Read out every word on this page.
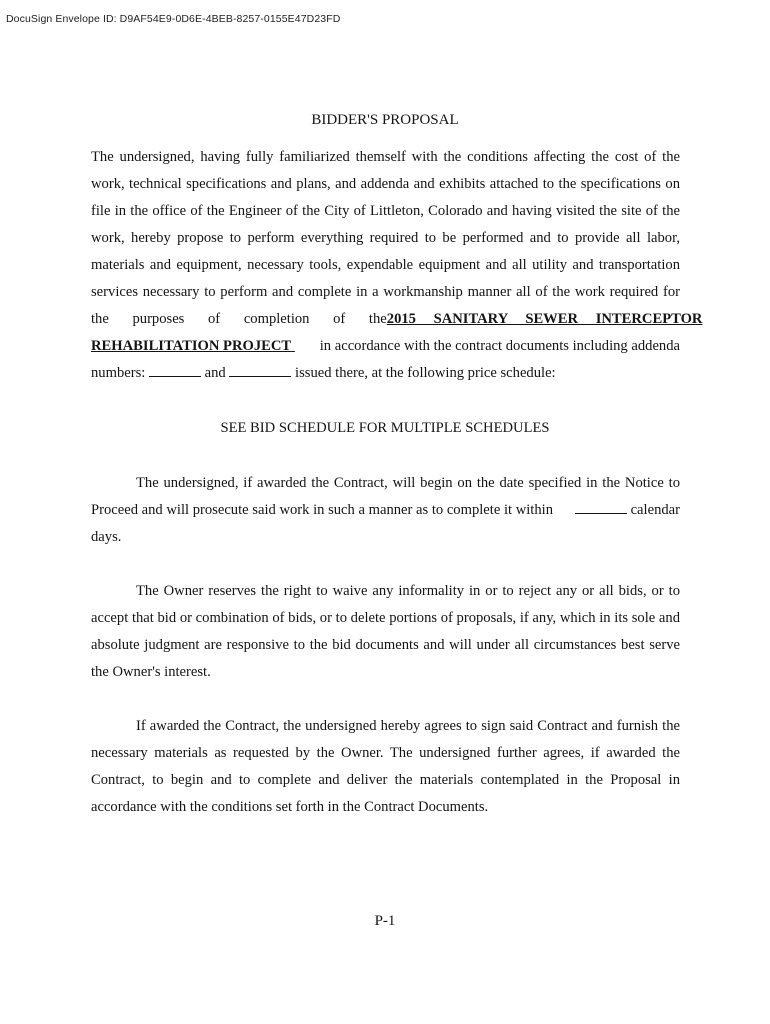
DocuSign Envelope ID: D9AF54E9-0D6E-4BEB-8257-0155E47D23FD
BIDDER'S PROPOSAL
The undersigned, having fully familiarized themself with the conditions affecting the cost of the
work, technical specifications and plans, and addenda and exhibits attached to the specifications on
file in the office of the Engineer of the City of Littleton, Colorado and having visited the site of the
work, hereby propose to perform everything required to be performed and to provide all labor,
materials and equipment, necessary tools, expendable equipment and all utility and transportation
services necessary to perform and complete in a workmanship manner all of the work required for
the purposes of completion of the 2015 SANITARY SEWER INTERCEPTOR
REHABILITATION PROJECT in accordance with the contract documents including addenda
numbers:	and	issued there, at the following price schedule:
SEE BID SCHEDULE FOR MULTIPLE SCHEDULES
The undersigned, if awarded the Contract, will begin on the date specified in the Notice to
Proceed and will prosecute said work in such a manner as to complete it within	calendar
days.
The Owner reserves the right to waive any informality in or to reject any or all bids, or to
accept that bid or combination of bids, or to delete portions of proposals, if any, which in its sole and
absolute judgment are responsive to the bid documents and will under all circumstances best serve
the Owner's interest.
If awarded the Contract, the undersigned hereby agrees to sign said Contract and furnish the
necessary materials as requested by the Owner. The undersigned further agrees, if awarded the
Contract, to begin and to complete and deliver the materials contemplated in the Proposal in
accordance with the conditions set forth in the Contract Documents.
P-1
